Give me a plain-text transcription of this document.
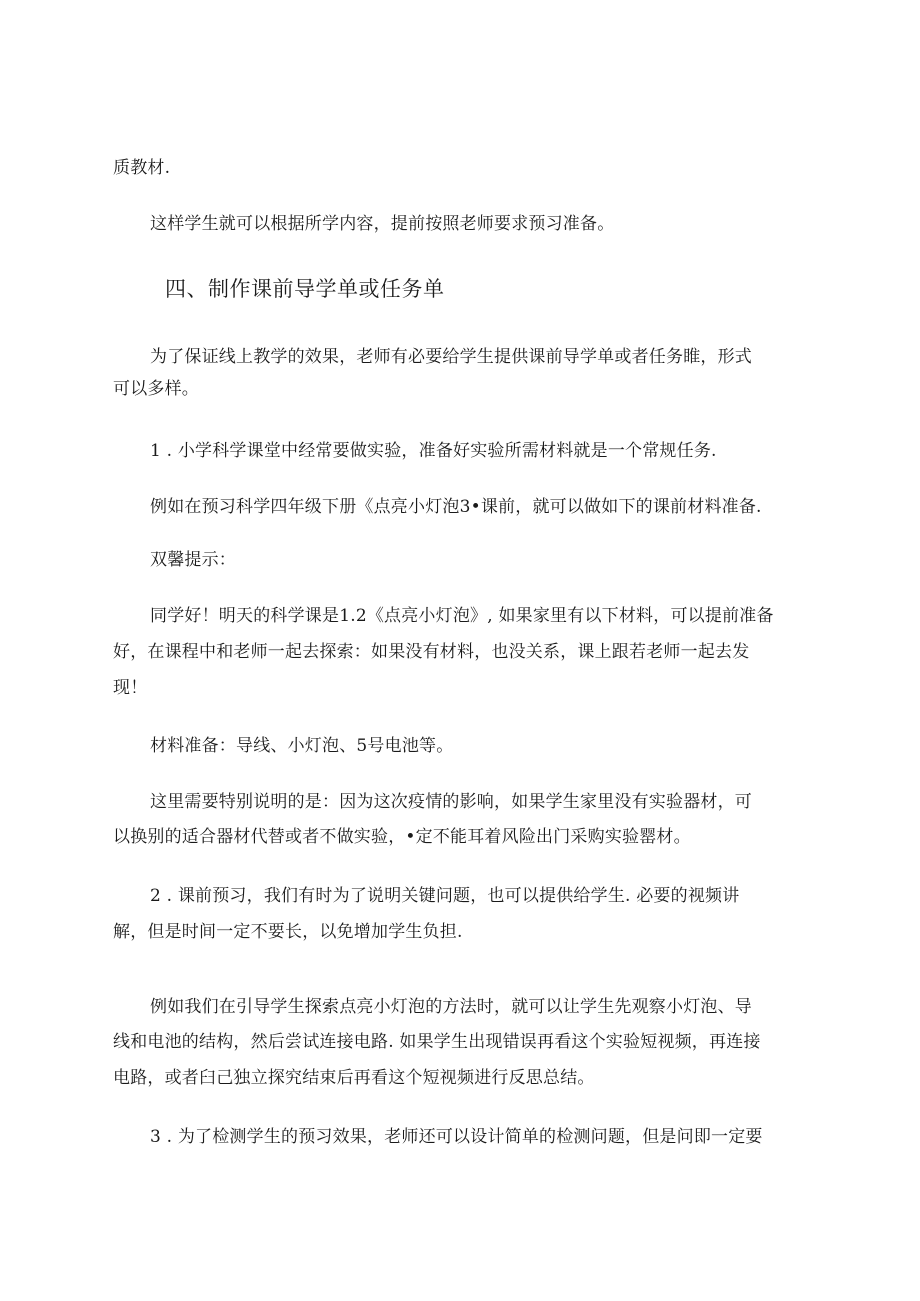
质教材.
这样学生就可以根据所学内容，提前按照老师要求预习准备。
四、制作课前导学单或任务单
为了保证线上教学的效果，老师有必要给学生提供课前导学单或者任务睢，形式
可以多样。
1 . 小学科学课堂中经常要做实验，准备好实验所需材料就是一个常规任务.
例如在预习科学四年级下册《点亮小灯泡3•课前，就可以做如下的课前材料准备.
双馨提示：
同学好！明天的科学课是1.2《点亮小灯泡》, 如果家里有以下材料，可以提前准备
好，在课程中和老师一起去探索：如果没有材料，也没关系，课上跟若老师一起去发
现！
材料准备：导线、小灯泡、5号电池等。
这里需要特别说明的是：因为这次疫情的影响，如果学生家里没有实验器材，可
以换别的适合器材代替或者不做实验，•定不能耳着风险出门采购实验罂材。
2 . 课前预习，我们有时为了说明关键问题，也可以提供给学生. 必要的视频讲
解，但是时间一定不要长，以免增加学生负担.
例如我们在引导学生探索点亮小灯泡的方法时，就可以让学生先观察小灯泡、导
线和电池的结构，然后尝试连接电路. 如果学生出现错误再看这个实验短视频，再连接
电路，或者臼己独立探究结束后再看这个短视频进行反思总结。
3 . 为了检测学生的预习效果，老师还可以设计简单的检测问题，但是问即一定要
